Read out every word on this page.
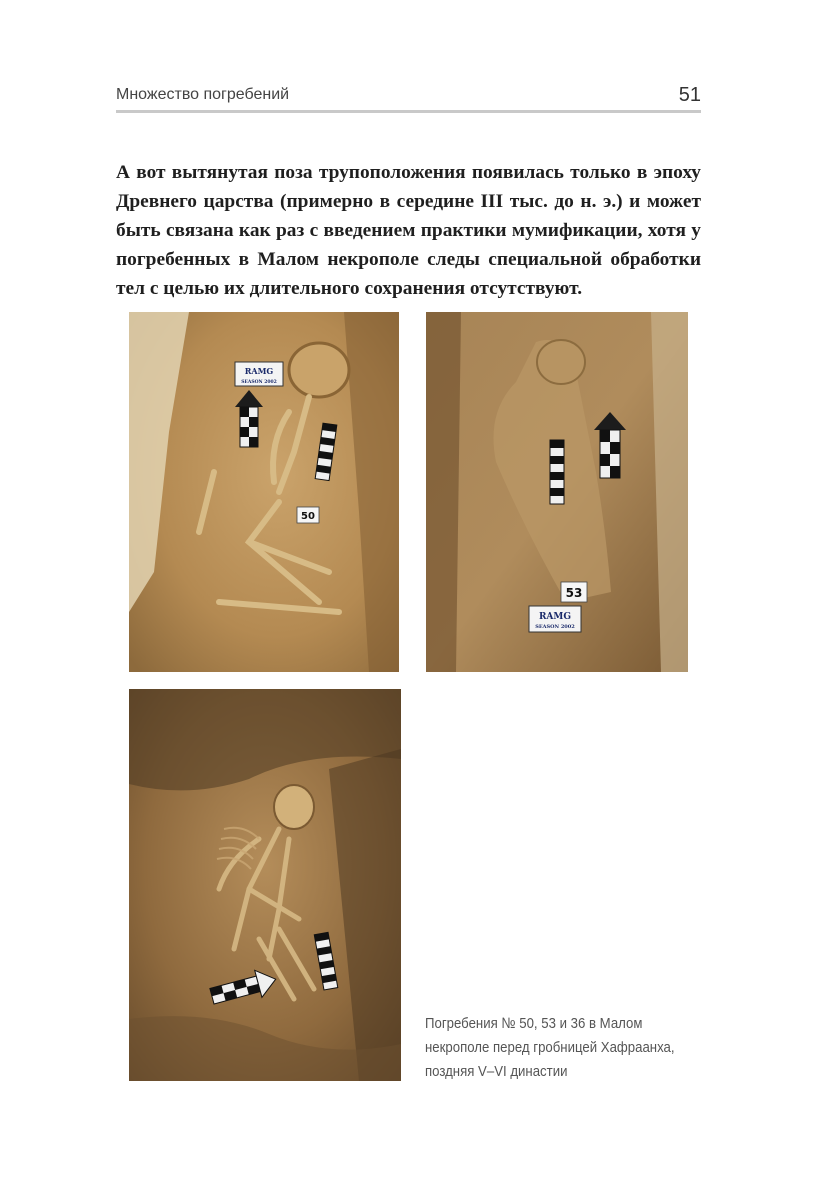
Множество погребений	51

А вот вытянутая поза трупоположения появилась только в эпоху Древнего царства (примерно в середине III тыс. до н. э.) и может быть связана как раз с введением практики мумификации, хотя у погребенных в Малом некрополе следы специальной обработки тел с целью их длительного сохранения отсутствуют.

RAMG
SEASON 2002
50
53
RAMG
SEASON 2002
Погребения № 50, 53 и 36 в Малом некрополе перед гробницей Хафраанха, поздняя V–VI династии
